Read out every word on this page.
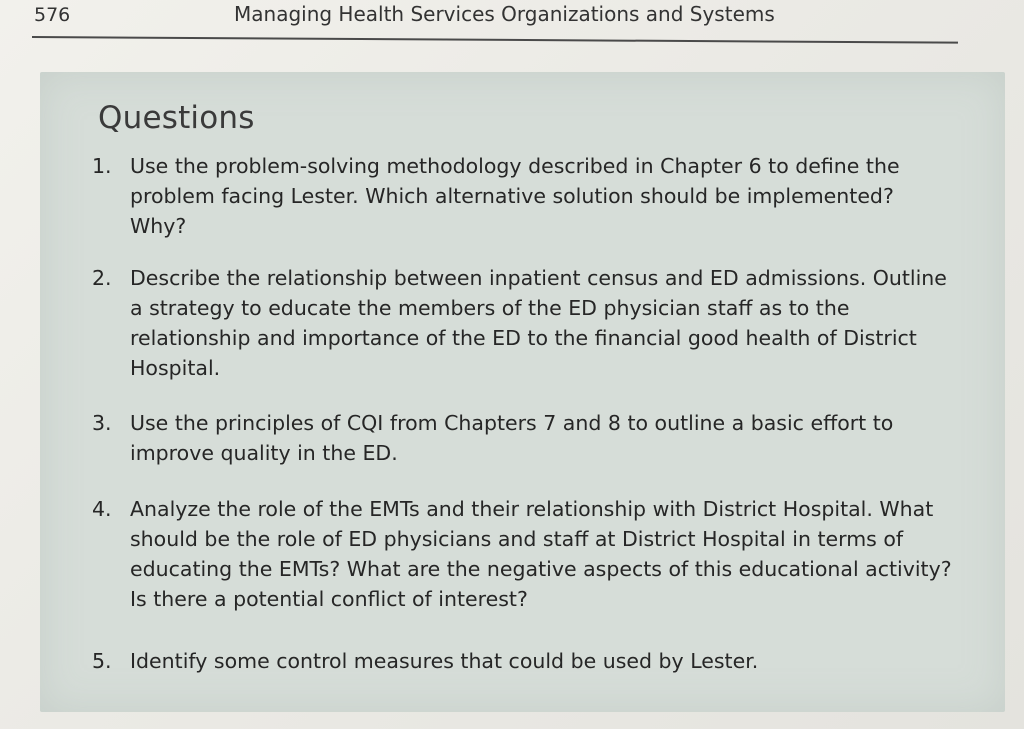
576	Managing Health Services Organizations and Systems
Questions
1. Use the problem-solving methodology described in Chapter 6 to define the problem facing Lester. Which alternative solution should be implemented? Why?
2. Describe the relationship between inpatient census and ED admissions. Outline a strategy to educate the members of the ED physician staff as to the relationship and importance of the ED to the financial good health of District Hospital.
3. Use the principles of CQI from Chapters 7 and 8 to outline a basic effort to improve quality in the ED.
4. Analyze the role of the EMTs and their relationship with District Hospital. What should be the role of ED physicians and staff at District Hospital in terms of educating the EMTs? What are the negative aspects of this educational activity? Is there a potential conflict of interest?
5. Identify some control measures that could be used by Lester.
